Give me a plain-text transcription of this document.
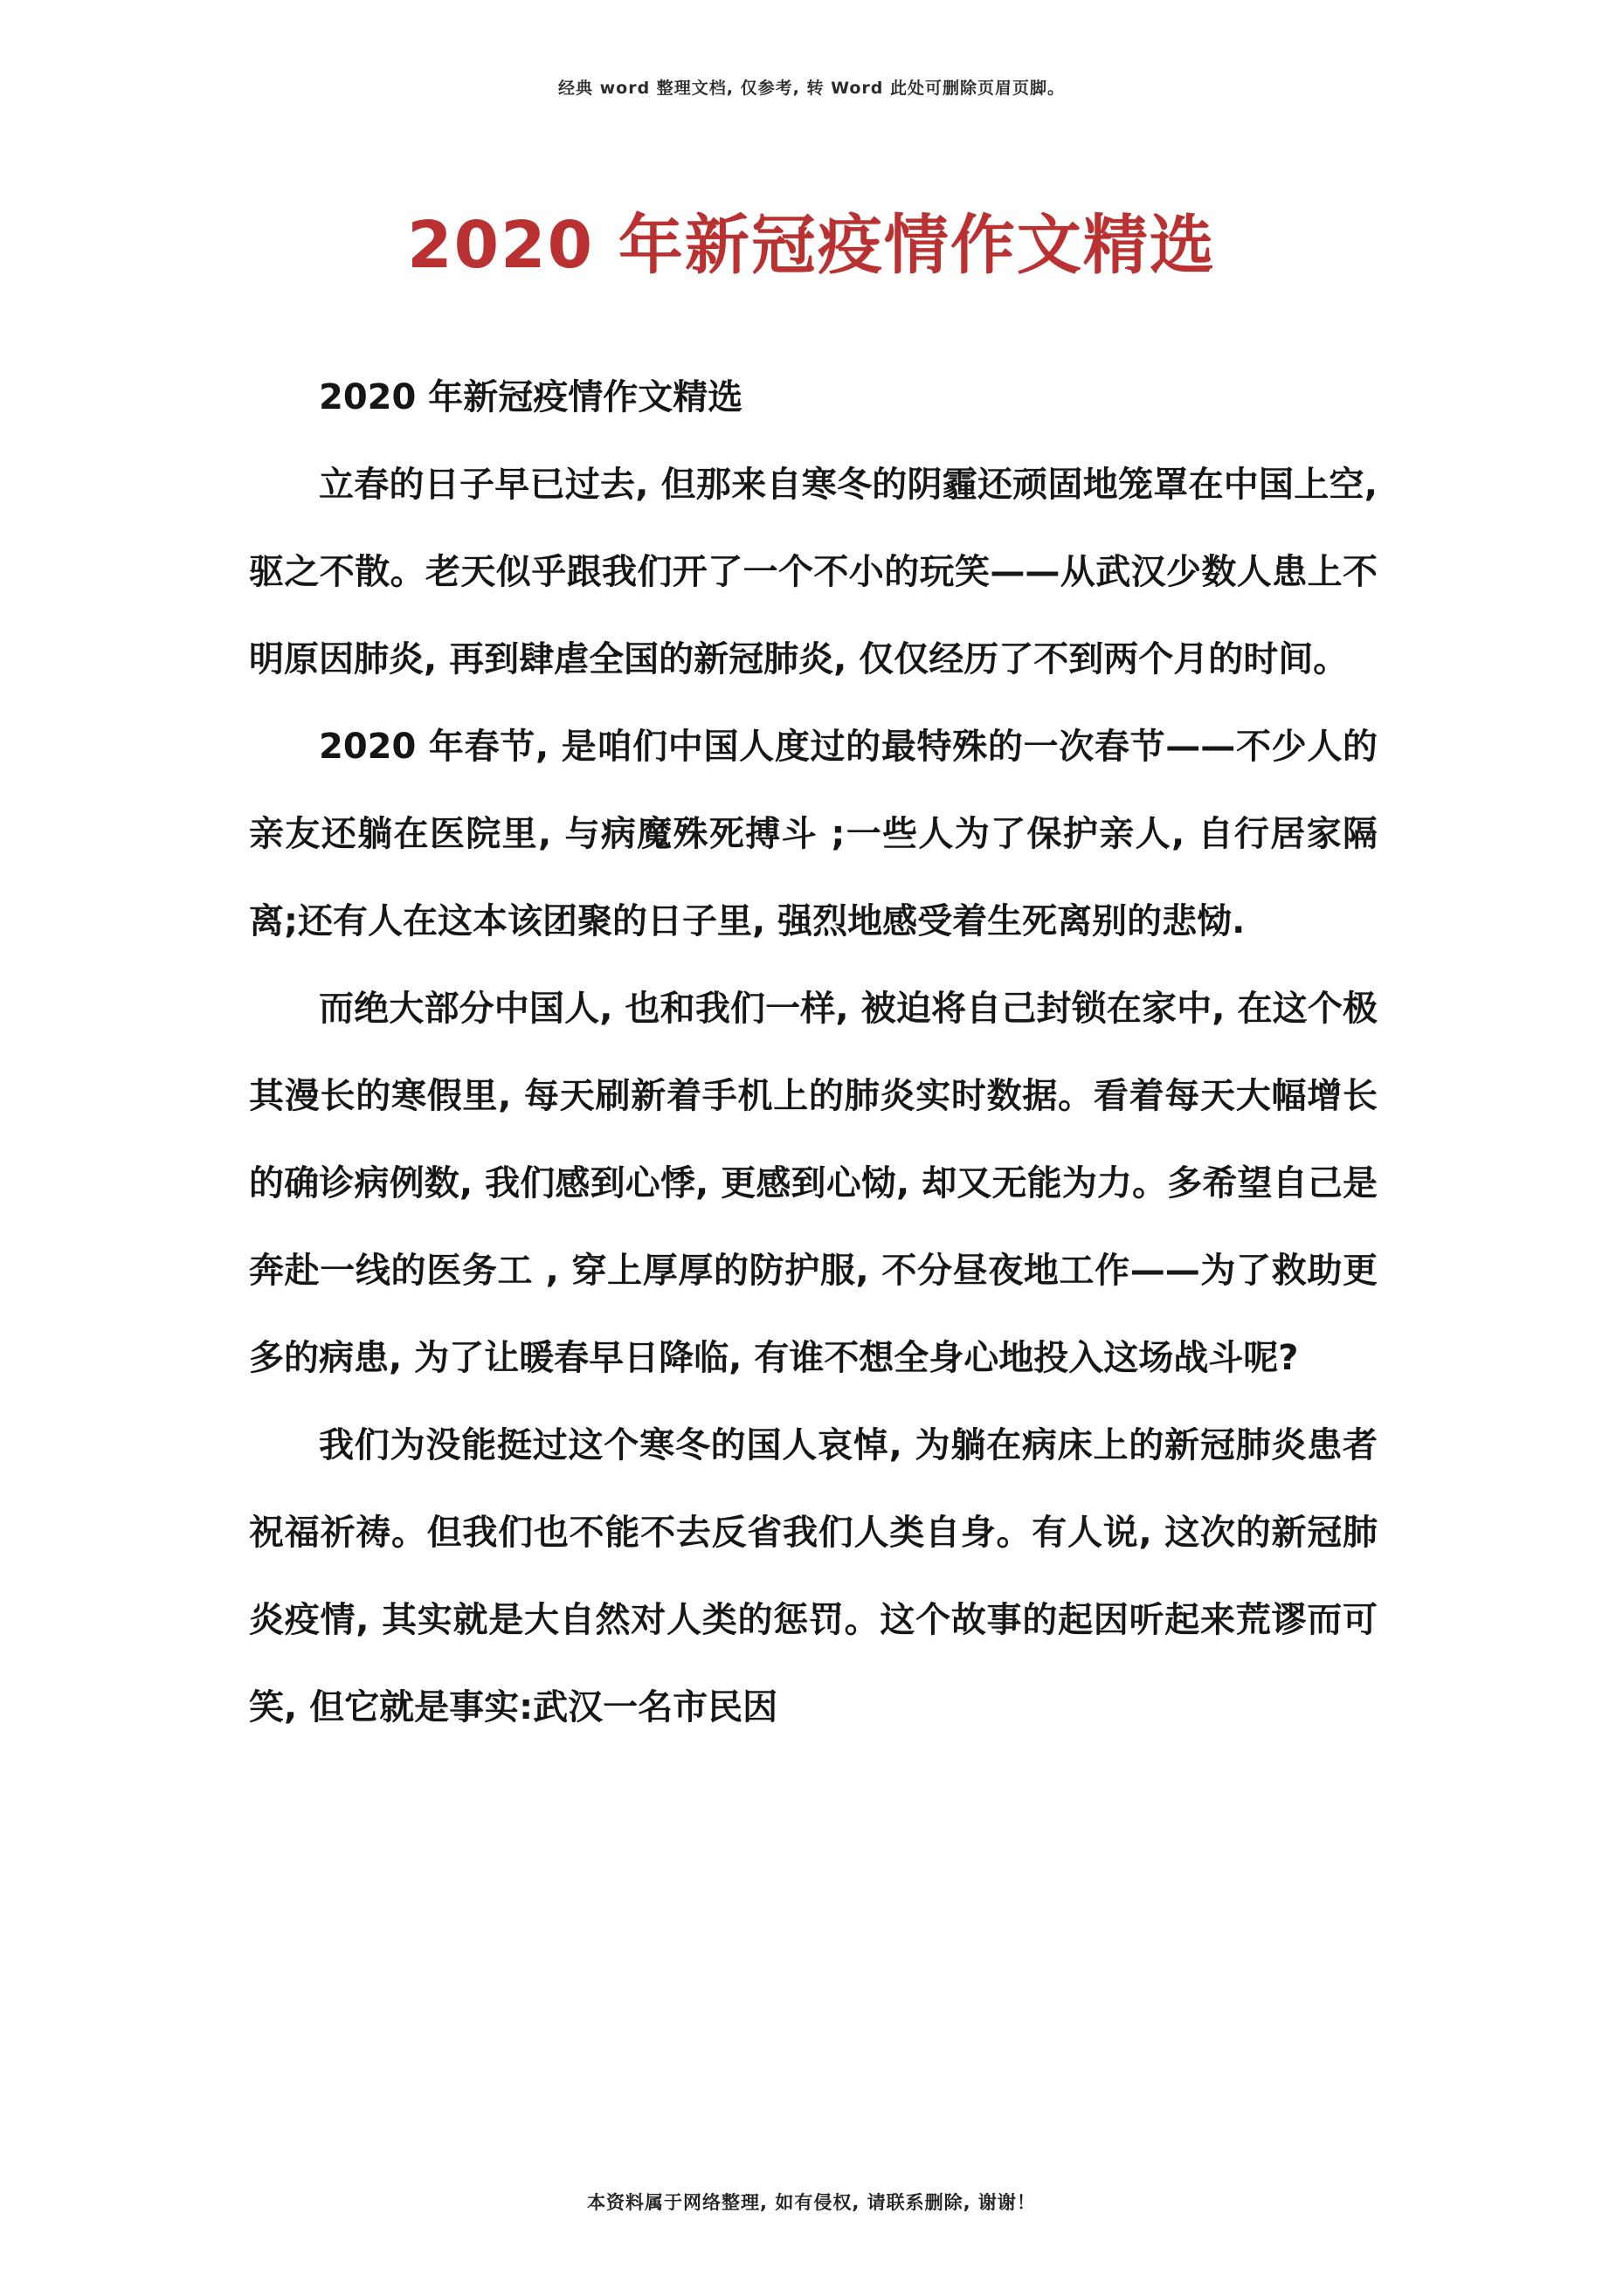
经典 word 整理文档, 仅参考, 转 Word 此处可删除页眉页脚。
2020 年新冠疫情作文精选

2020 年新冠疫情作文精选

立春的日子早已过去, 但那来自寒冬的阴霾还顽固地笼罩在中国上空, 驱之不散。老天似乎跟我们开了一个不小的玩笑——从武汉少数人患上不明原因肺炎, 再到肆虐全国的新冠肺炎, 仅仅经历了不到两个月的时间。

2020 年春节, 是咱们中国人度过的最特殊的一次春节——不少人的亲友还躺在医院里, 与病魔殊死搏斗 ;一些人为了保护亲人, 自行居家隔离;还有人在这本该团聚的日子里, 强烈地感受着生死离别的悲恸.

而绝大部分中国人, 也和我们一样, 被迫将自己封锁在家中, 在这个极其漫长的寒假里, 每天刷新着手机上的肺炎实时数据。看着每天大幅增长的确诊病例数, 我们感到心悸, 更感到心恸, 却又无能为力。多希望自己是奔赴一线的医务工 , 穿上厚厚的防护服, 不分昼夜地工作——为了救助更多的病患, 为了让暖春早日降临, 有谁不想全身心地投入这场战斗呢?

我们为没能挺过这个寒冬的国人哀悼, 为躺在病床上的新冠肺炎患者祝福祈祷。但我们也不能不去反省我们人类自身。有人说, 这次的新冠肺炎疫情, 其实就是大自然对人类的惩罚。这个故事的起因听起来荒谬而可笑, 但它就是事实:武汉一名市民因

本资料属于网络整理, 如有侵权, 请联系删除, 谢谢！
